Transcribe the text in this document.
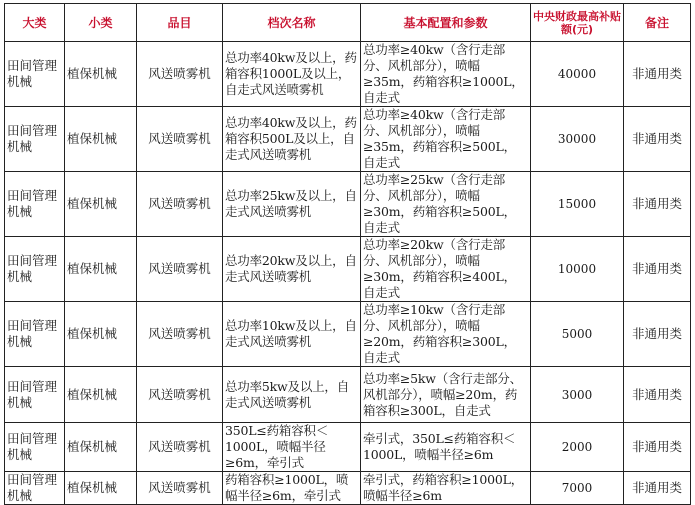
大类	小类	品目	档次名称	基本配置和参数	中央财政最高补贴额(元)	备注
田间管理机械	植保机械	风送喷雾机	总功率40kw及以上，药箱容积1000L及以上，自走式风送喷雾机	总功率≥40kw（含行走部分、风机部分），喷幅≥35m，药箱容积≥1000L，自走式	40000	非通用类
田间管理机械	植保机械	风送喷雾机	总功率40kw及以上，药箱容积500L及以上，自走式风送喷雾机	总功率≥40kw（含行走部分、风机部分），喷幅≥35m，药箱容积≥500L，自走式	30000	非通用类
田间管理机械	植保机械	风送喷雾机	总功率25kw及以上，自走式风送喷雾机	总功率≥25kw（含行走部分、风机部分），喷幅≥30m，药箱容积≥500L，自走式	15000	非通用类
田间管理机械	植保机械	风送喷雾机	总功率20kw及以上，自走式风送喷雾机	总功率≥20kw（含行走部分、风机部分），喷幅≥30m，药箱容积≥400L，自走式	10000	非通用类
田间管理机械	植保机械	风送喷雾机	总功率10kw及以上，自走式风送喷雾机	总功率≥10kw（含行走部分、风机部分），喷幅≥20m，药箱容积≥300L，自走式	5000	非通用类
田间管理机械	植保机械	风送喷雾机	总功率5kw及以上，自走式风送喷雾机	总功率≥5kw（含行走部分、风机部分），喷幅≥20m，药箱容积≥300L，自走式	3000	非通用类
田间管理机械	植保机械	风送喷雾机	350L≤药箱容积＜1000L，喷幅半径≥6m，牵引式	牵引式，350L≤药箱容积＜1000L，喷幅半径≥6m	2000	非通用类
田间管理机械	植保机械	风送喷雾机	药箱容积≥1000L，喷幅半径≥6m，牵引式	牵引式，药箱容积≥1000L，喷幅半径≥6m	7000	非通用类
